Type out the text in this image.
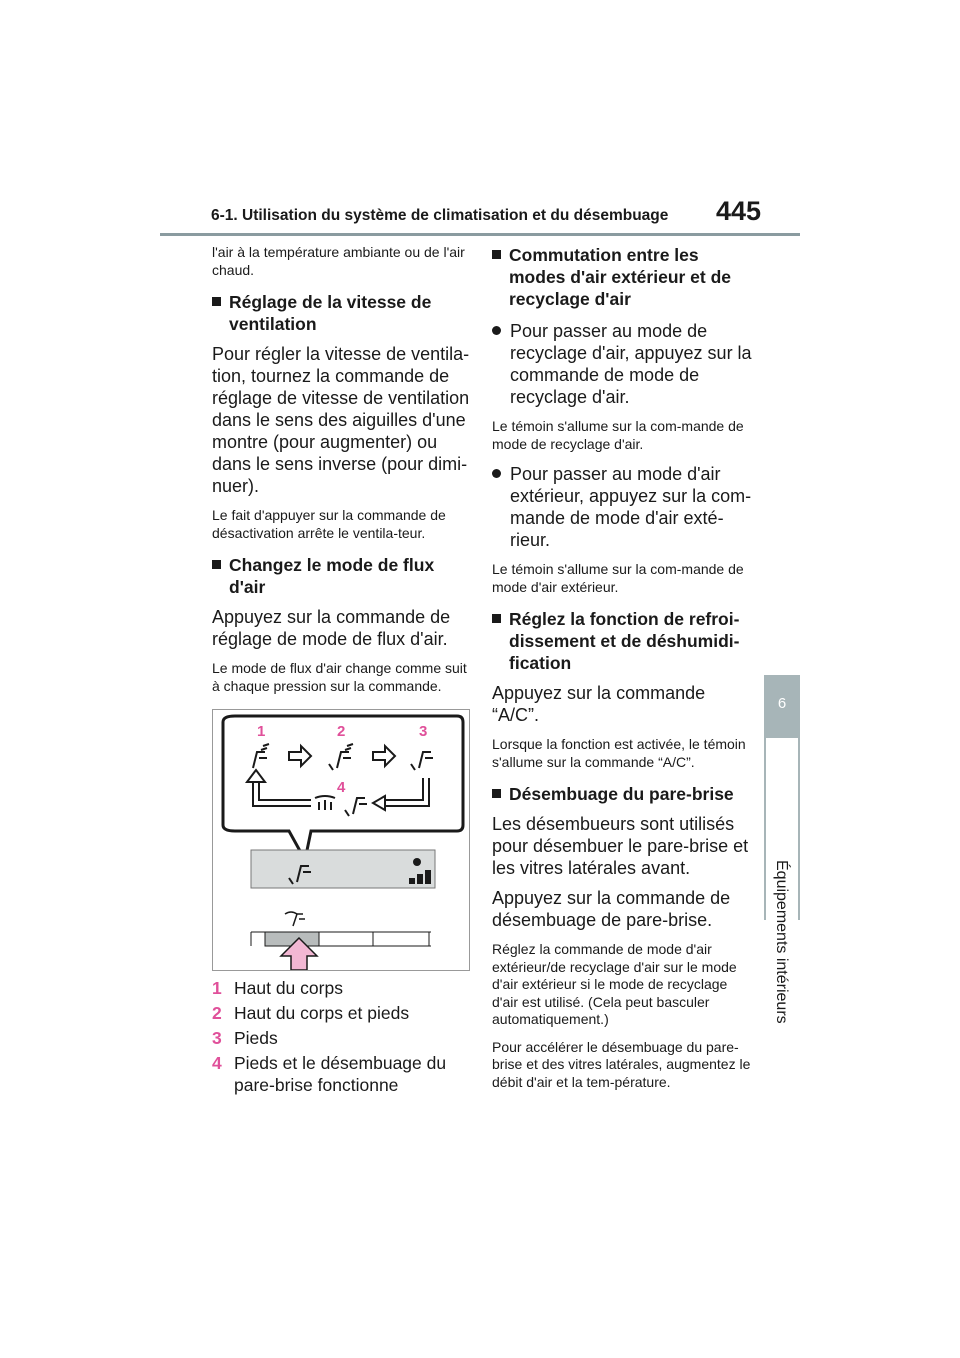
6-1. Utilisation du système de climatisation et du désembuage 445
6
Équipements intérieurs

l'air à la température ambiante ou de l'air chaud.

Réglage de la vitesse de ventilation

Pour régler la vitesse de ventila-tion, tournez la commande de réglage de vitesse de ventilation dans le sens des aiguilles d'une montre (pour augmenter) ou dans le sens inverse (pour dimi-nuer).

Le fait d'appuyer sur la commande de désactivation arrête le ventila-teur.

Changez le mode de flux d'air

Appuyez sur la commande de réglage de mode de flux d'air.

Le mode de flux d'air change comme suit à chaque pression sur la commande.

1	2	3
4
1 Haut du corps
2 Haut du corps et pieds
3 Pieds
4 Pieds et le désembuage du pare-brise fonctionne
Commutation entre les modes d'air extérieur et de recyclage d'air
Pour passer au mode de recyclage d'air, appuyez sur la commande de mode de recyclage d'air.

Le témoin s'allume sur la com-mande de mode de recyclage d'air.

Pour passer au mode d'air extérieur, appuyez sur la com-mande de mode d'air exté-rieur.

Le témoin s'allume sur la com-mande de mode d'air extérieur.

Réglez la fonction de refroi-dissement et de déshumidi-fication

Appuyez sur la commande “A/C”.

Lorsque la fonction est activée, le témoin s'allume sur la commande “A/C”.

Désembuage du pare-brise

Les désembueurs sont utilisés pour désembuer le pare-brise et les vitres latérales avant.

Appuyez sur la commande de désembuage de pare-brise.

Réglez la commande de mode d'air extérieur/de recyclage d'air sur le mode d'air extérieur si le mode de recyclage d'air est utilisé. (Cela peut basculer automatiquement.)

Pour accélérer le désembuage du pare-brise et des vitres latérales, augmentez le débit d'air et la tem-pérature.
